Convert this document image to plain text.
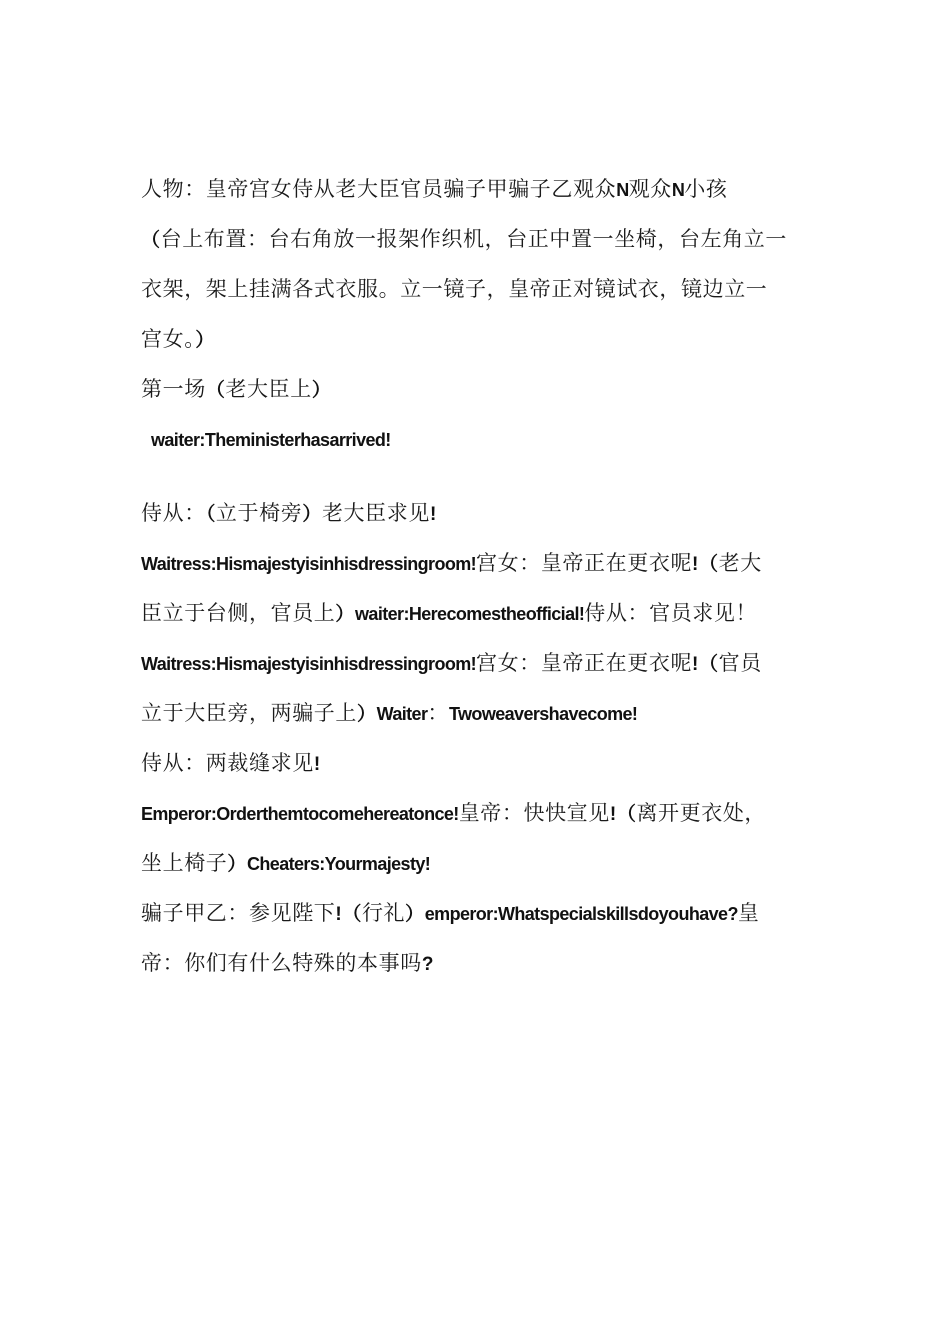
人物：皇帝宫女侍从老大臣官员骗子甲骗子乙观众N观众N小孩
（台上布置：台右角放一报架作织机，台正中置一坐椅，台左角立一
衣架，架上挂满各式衣服。立一镜子，皇帝正对镜试衣，镜边立一
宫女。）
第一场（老大臣上）
waiter:Theministerhasarrived!
侍从：（立于椅旁）老大臣求见!
Waitress:Hismajestyisinhisdressingroom!宫女：皇帝正在更衣呢!（老大
臣立于台侧，官员上）waiter:Herecomestheofficial!侍从：官员求见！
Waitress:Hismajestyisinhisdressingroom!宫女：皇帝正在更衣呢!（官员
立于大臣旁，两骗子上）Waiter：Twoweavershavecome!
侍从：两裁缝求见!
Emperor:Orderthemtocomehereatonce!皇帝：快快宣见!（离开更衣处，
坐上椅子）Cheaters:Yourmajesty!
骗子甲乙：参见陛下!（行礼）emperor:Whatspecialskillsdoyouhave?皇
帝：你们有什么特殊的本事吗?
